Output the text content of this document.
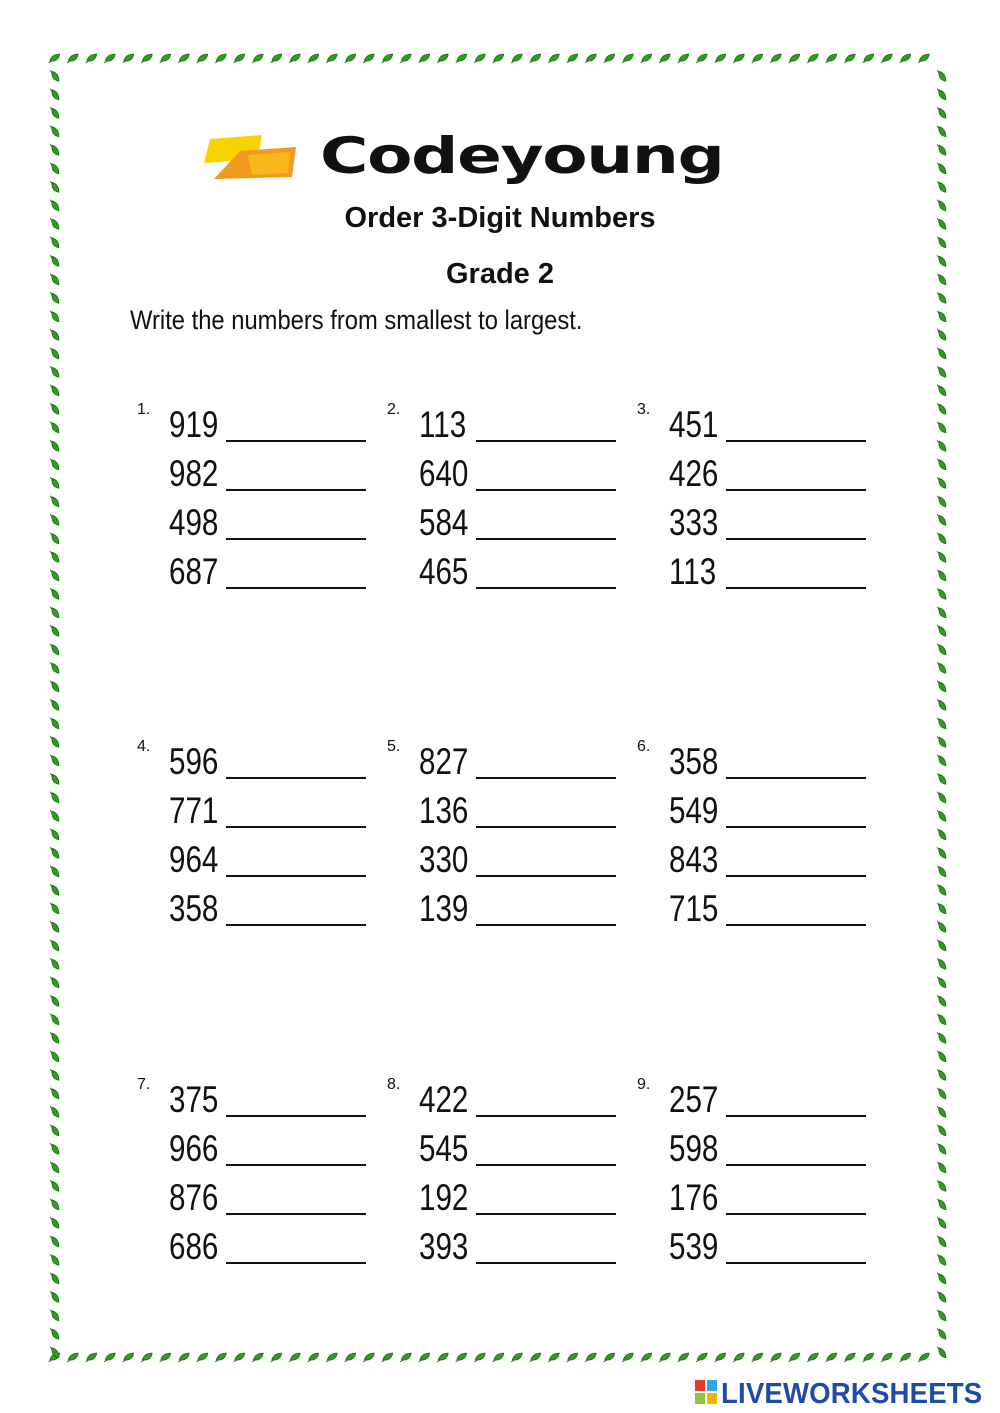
Codeyoung
Order 3-Digit Numbers
Grade 2
Write the numbers from smallest to largest.
1. 919
982
498
687
2. 113
640
584
465
3. 451
426
333
113
4. 596
771
964
358
5. 827
136
330
139
6. 358
549
843
715
7. 375
966
876
686
8. 422
545
192
393
9. 257
598
176
539
LIVEWORKSHEETS
